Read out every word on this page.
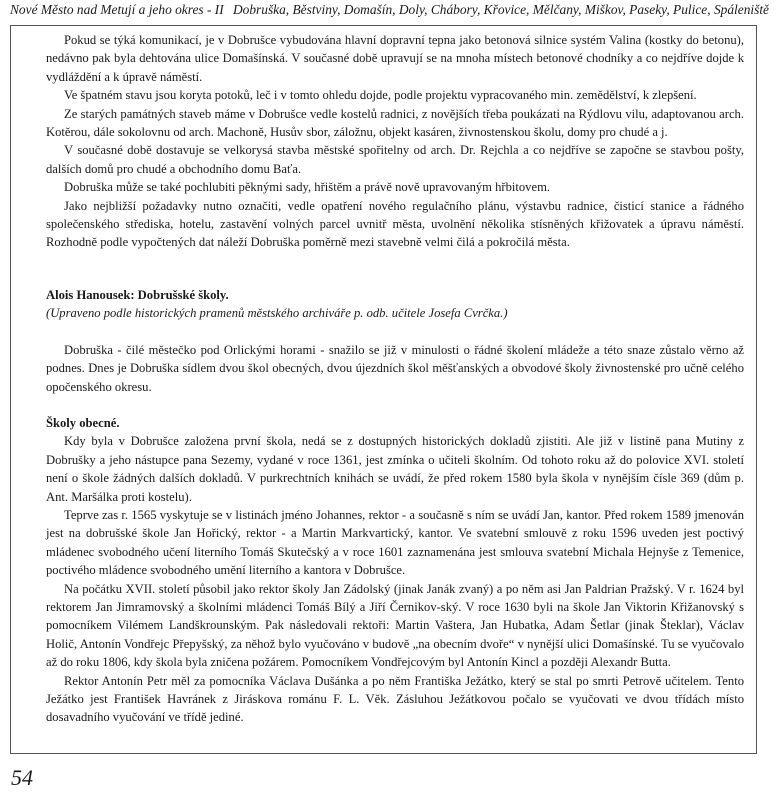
Nové Město nad Metují a jeho okres - II Dobruška, Běstviny, Domašín, Doly, Chábory, Křovice, Mělčany, Miškov, Paseky, Pulice, Spáleniště

Pokud se týká komunikací, je v Dobrušce vybudována hlavní dopravní tepna jako betonová silnice systém Valina (kostky do betonu), nedávno pak byla dehtována ulice Domašínská. V současné době upravují se na mnoha místech betonové chodníky a co nejdříve dojde k vydláždění a k úpravě náměstí.

Ve špatném stavu jsou koryta potoků, leč i v tomto ohledu dojde, podle projektu vypracovaného min. zemědělství, k zlepšení.

Ze starých památných staveb máme v Dobrušce vedle kostelů radnici, z novějších třeba poukázati na Rýdlovu vilu, adaptovanou arch. Kotěrou, dále sokolovnu od arch. Machoně, Husův sbor, záložnu, objekt kasáren, živnostenskou školu, domy pro chudé a j.

V současné době dostavuje se velkorysá stavba městské spořitelny od arch. Dr. Rejchla a co nejdříve se započne se stavbou pošty, dalších domů pro chudé a obchodního domu Baťa.

Dobruška může se také pochlubiti pěknými sady, hřištěm a právě nově upravovaným hřbitovem.

Jako nejbližší požadavky nutno označiti, vedle opatření nového regulačního plánu, výstavbu radnice, čisticí stanice a řádného společenského střediska, hotelu, zastavění volných parcel uvnitř města, uvolnění několika stísněných křižovatek a úpravu náměstí. Rozhodně podle vypočtených dat náleží Dobruška poměrně mezi stavebně velmi čilá a pokročilá města.

Alois Hanousek: Dobrušské školy.

(Upraveno podle historických pramenů městského archiváře p. odb. učitele Josefa Cvrčka.)

Dobruška - čilé městečko pod Orlickými horami - snažilo se již v minulosti o řádné školení mládeže a této snaze zůstalo věrno až podnes. Dnes je Dobruška sídlem dvou škol obecných, dvou újezdních škol měšťanských a obvodové školy živnostenské pro učně celého opočenského okresu.

Školy obecné.

Kdy byla v Dobrušce založena první škola, nedá se z dostupných historických dokladů zjistiti. Ale již v listině pana Mutiny z Dobrušky a jeho nástupce pana Sezemy, vydané v roce 1361, jest zmínka o učiteli školním. Od tohoto roku až do polovice XVI. století není o škole žádných dalších dokladů. V purkrechtních knihách se uvádí, že před rokem 1580 byla škola v nynějším čísle 369 (dům p. Ant. Maršálka proti kostelu).

Teprve zas r. 1565 vyskytuje se v listinách jméno Johannes, rektor - a současně s ním se uvádí Jan, kantor. Před rokem 1589 jmenován jest na dobrušské škole Jan Hořický, rektor - a Martin Markvartický, kantor. Ve svatební smlouvě z roku 1596 uveden jest poctivý mládenec svobodného učení literního Tomáš Skutečský a v roce 1601 zaznamenána jest smlouva svatební Michala Hejnyše z Temenice, poctivého mládence svobodného umění literního a kantora v Dobrušce.

Na počátku XVII. století působil jako rektor školy Jan Zádolský (jinak Janák zvaný) a po něm asi Jan Paldrian Pražský. V r. 1624 byl rektorem Jan Jimramovský a školními mládenci Tomáš Bílý a Jiří Černikov-ský. V roce 1630 byli na škole Jan Viktorin Křižanovský s pomocníkem Vilémem Landškrounským. Pak následovali rektoři: Martin Vaštera, Jan Hubatka, Adam Šetlar (jinak Šteklar), Václav Holič, Antonín Vondřejc Přepyšský, za něhož bylo vyučováno v budově „na obecním dvoře“ v nynější ulici Domašínské. Tu se vyučovalo až do roku 1806, kdy škola byla zničena požárem. Pomocníkem Vondřejcovým byl Antonín Kincl a později Alexandr Butta.

Rektor Antonín Petr měl za pomocníka Václava Dušánka a po něm Františka Ježátko, který se stal po smrti Petrově učitelem. Tento Ježátko jest František Havránek z Jiráskova románu F. L. Věk. Zásluhou Ježátkovou počalo se vyučovati ve dvou třídách místo dosavadního vyučování ve třídě jediné.

54
